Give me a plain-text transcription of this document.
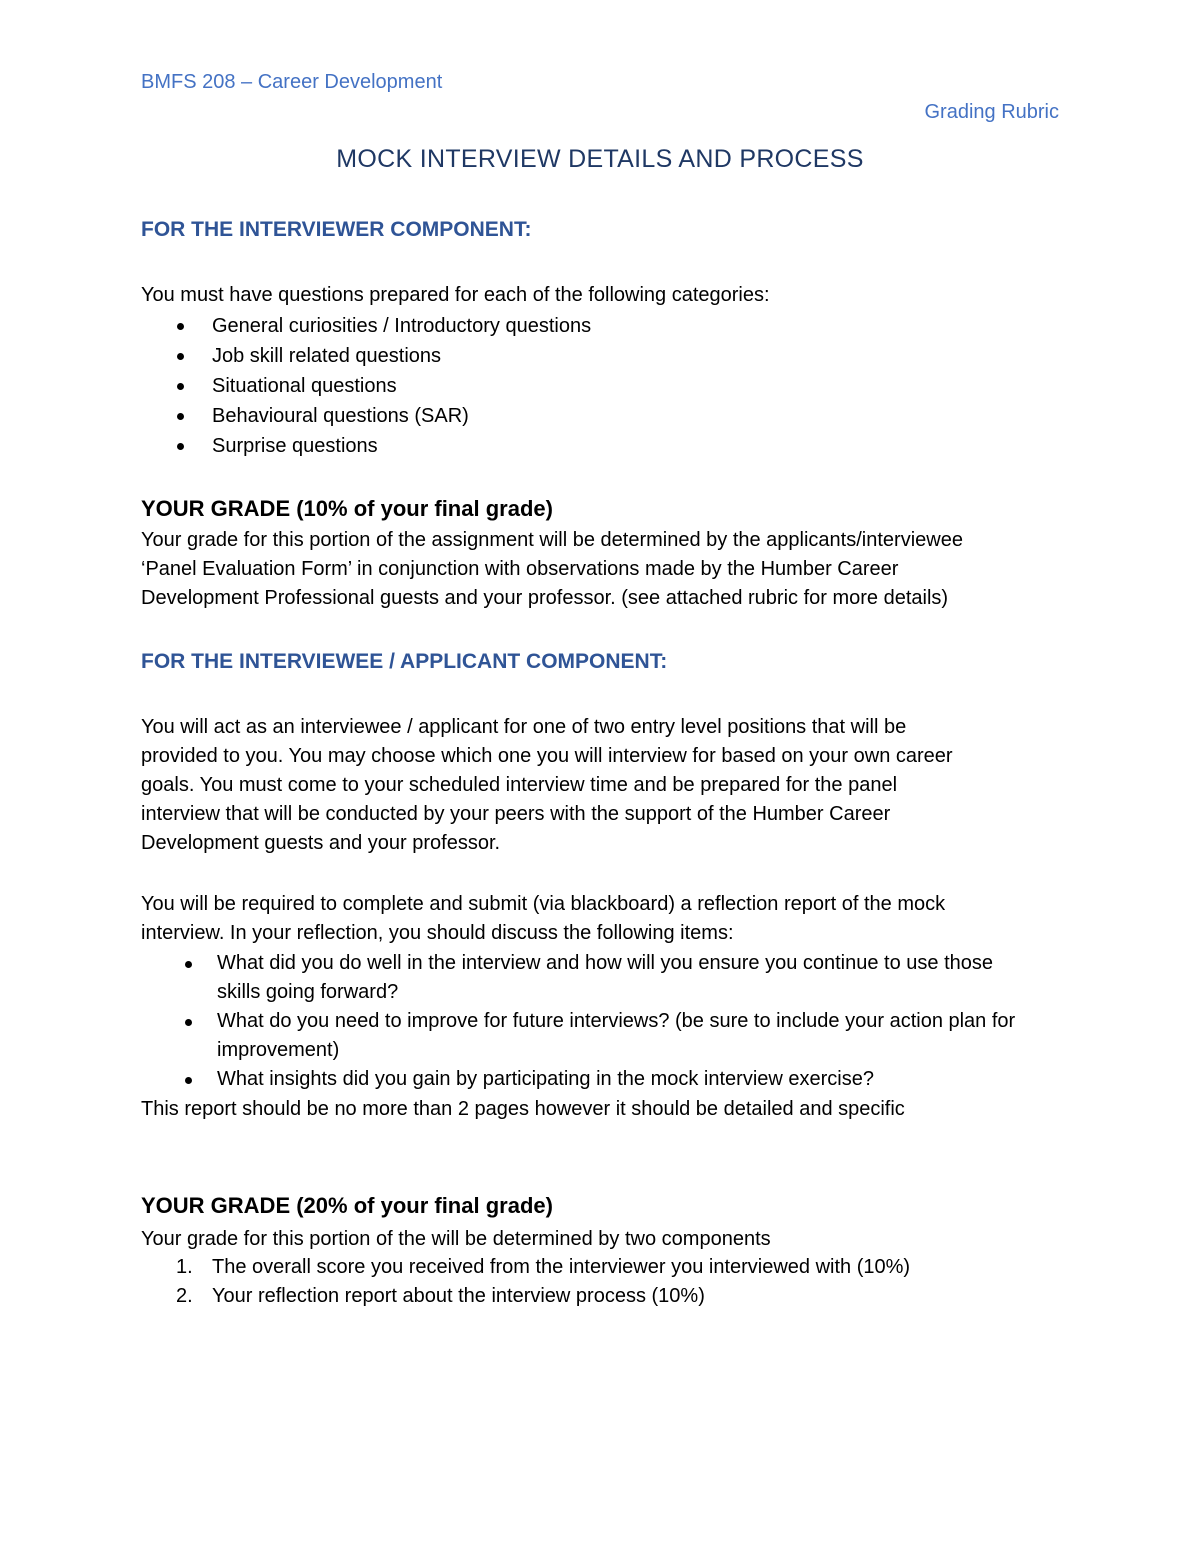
BMFS 208 – Career Development
Grading Rubric
MOCK INTERVIEW DETAILS AND PROCESS
FOR THE INTERVIEWER COMPONENT:
You must have questions prepared for each of the following categories:
General curiosities / Introductory questions
Job skill related questions
Situational questions
Behavioural questions (SAR)
Surprise questions
YOUR GRADE (10% of your final grade)
Your grade for this portion of the assignment will be determined by the applicants/interviewee
‘Panel Evaluation Form’ in conjunction with observations made by the Humber Career
Development Professional guests and your professor. (see attached rubric for more details)
FOR THE INTERVIEWEE / APPLICANT COMPONENT:
You will act as an interviewee / applicant for one of two entry level positions that will be
provided to you. You may choose which one you will interview for based on your own career
goals. You must come to your scheduled interview time and be prepared for the panel
interview that will be conducted by your peers with the support of the Humber Career
Development guests and your professor.
You will be required to complete and submit (via blackboard) a reflection report of the mock
interview. In your reflection, you should discuss the following items:
What did you do well in the interview and how will you ensure you continue to use those skills going forward?
What do you need to improve for future interviews? (be sure to include your action plan for improvement)
What insights did you gain by participating in the mock interview exercise?
This report should be no more than 2 pages however it should be detailed and specific
YOUR GRADE (20% of your final grade)
Your grade for this portion of the will be determined by two components
1. The overall score you received from the interviewer you interviewed with (10%)
2. Your reflection report about the interview process (10%)
